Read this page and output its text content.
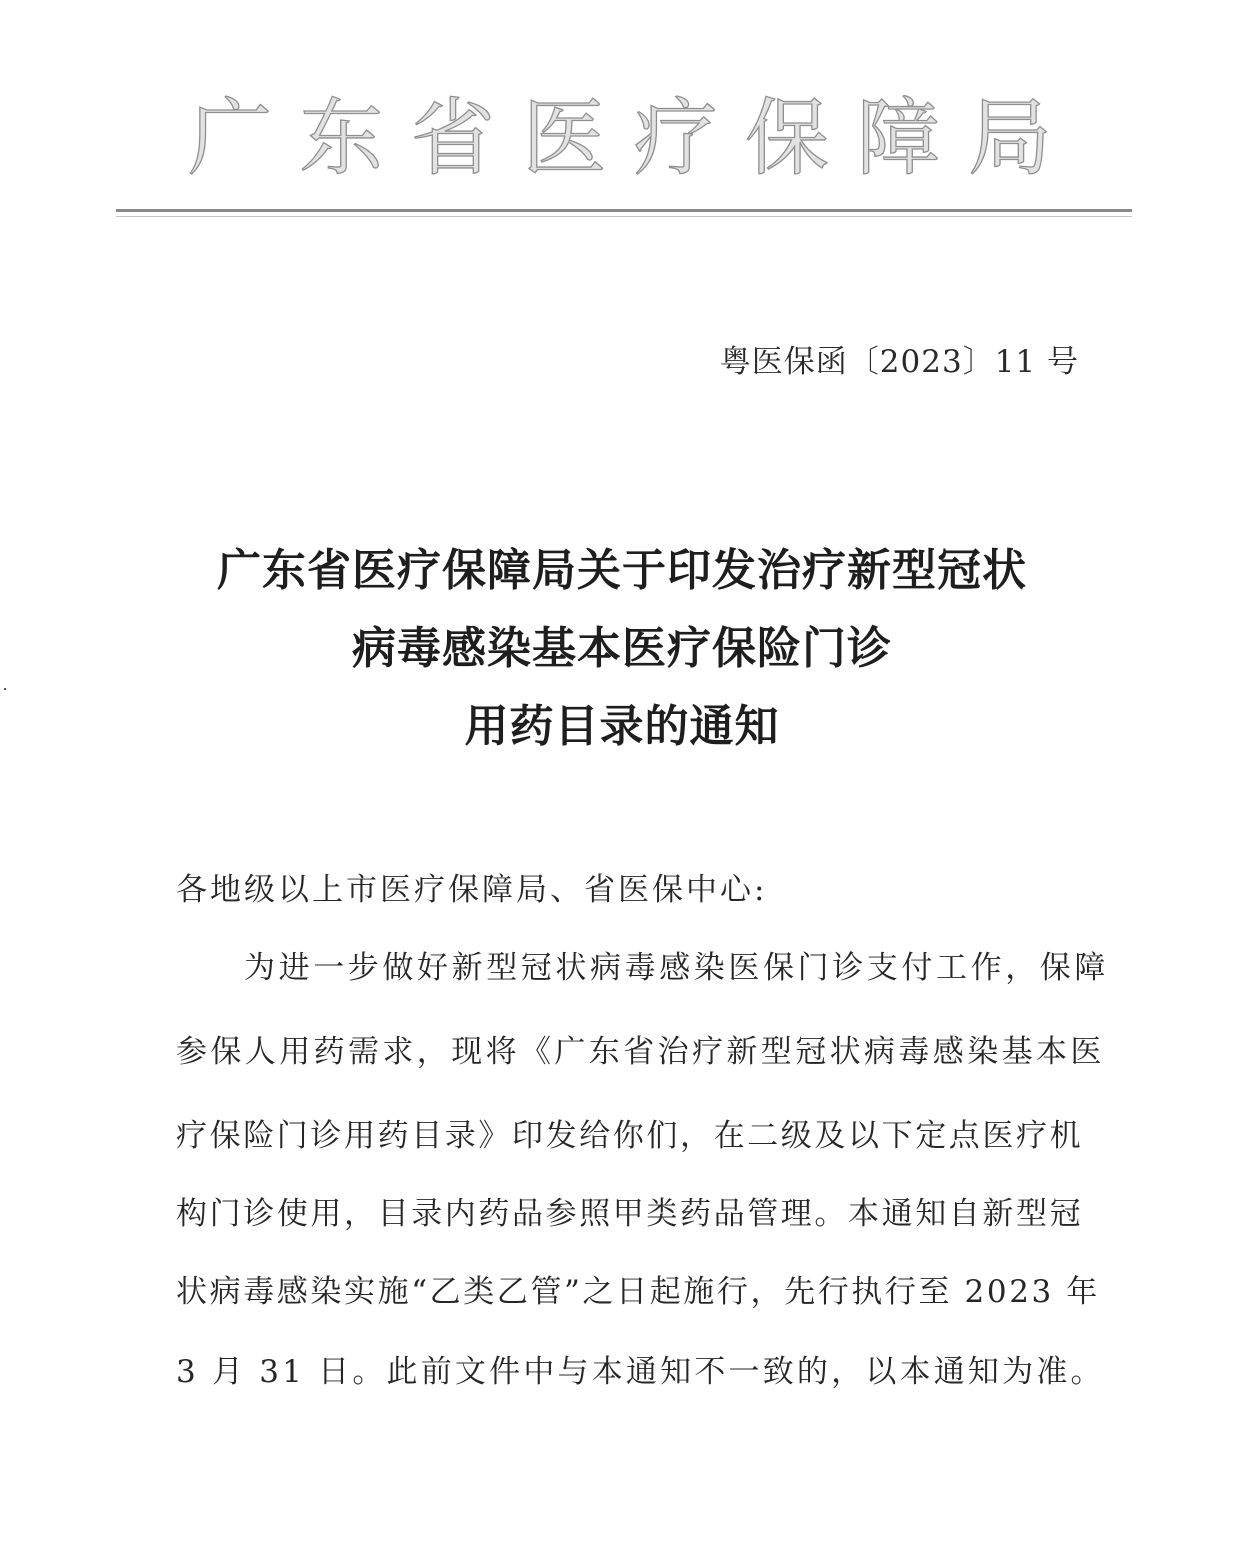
广 东 省 医 疗 保 障 局
粤医保函〔2023〕11 号
广东省医疗保障局关于印发治疗新型冠状
病毒感染基本医疗保险门诊
用药目录的通知
各地级以上市医疗保障局、省医保中心:
为进一步做好新型冠状病毒感染医保门诊支付工作，保障
参保人用药需求，现将《广东省治疗新型冠状病毒感染基本医
疗保险门诊用药目录》印发给你们，在二级及以下定点医疗机
构门诊使用，目录内药品参照甲类药品管理。本通知自新型冠
状病毒感染实施“乙类乙管”之日起施行，先行执行至 2023 年
3 月 31 日。此前文件中与本通知不一致的，以本通知为准。
